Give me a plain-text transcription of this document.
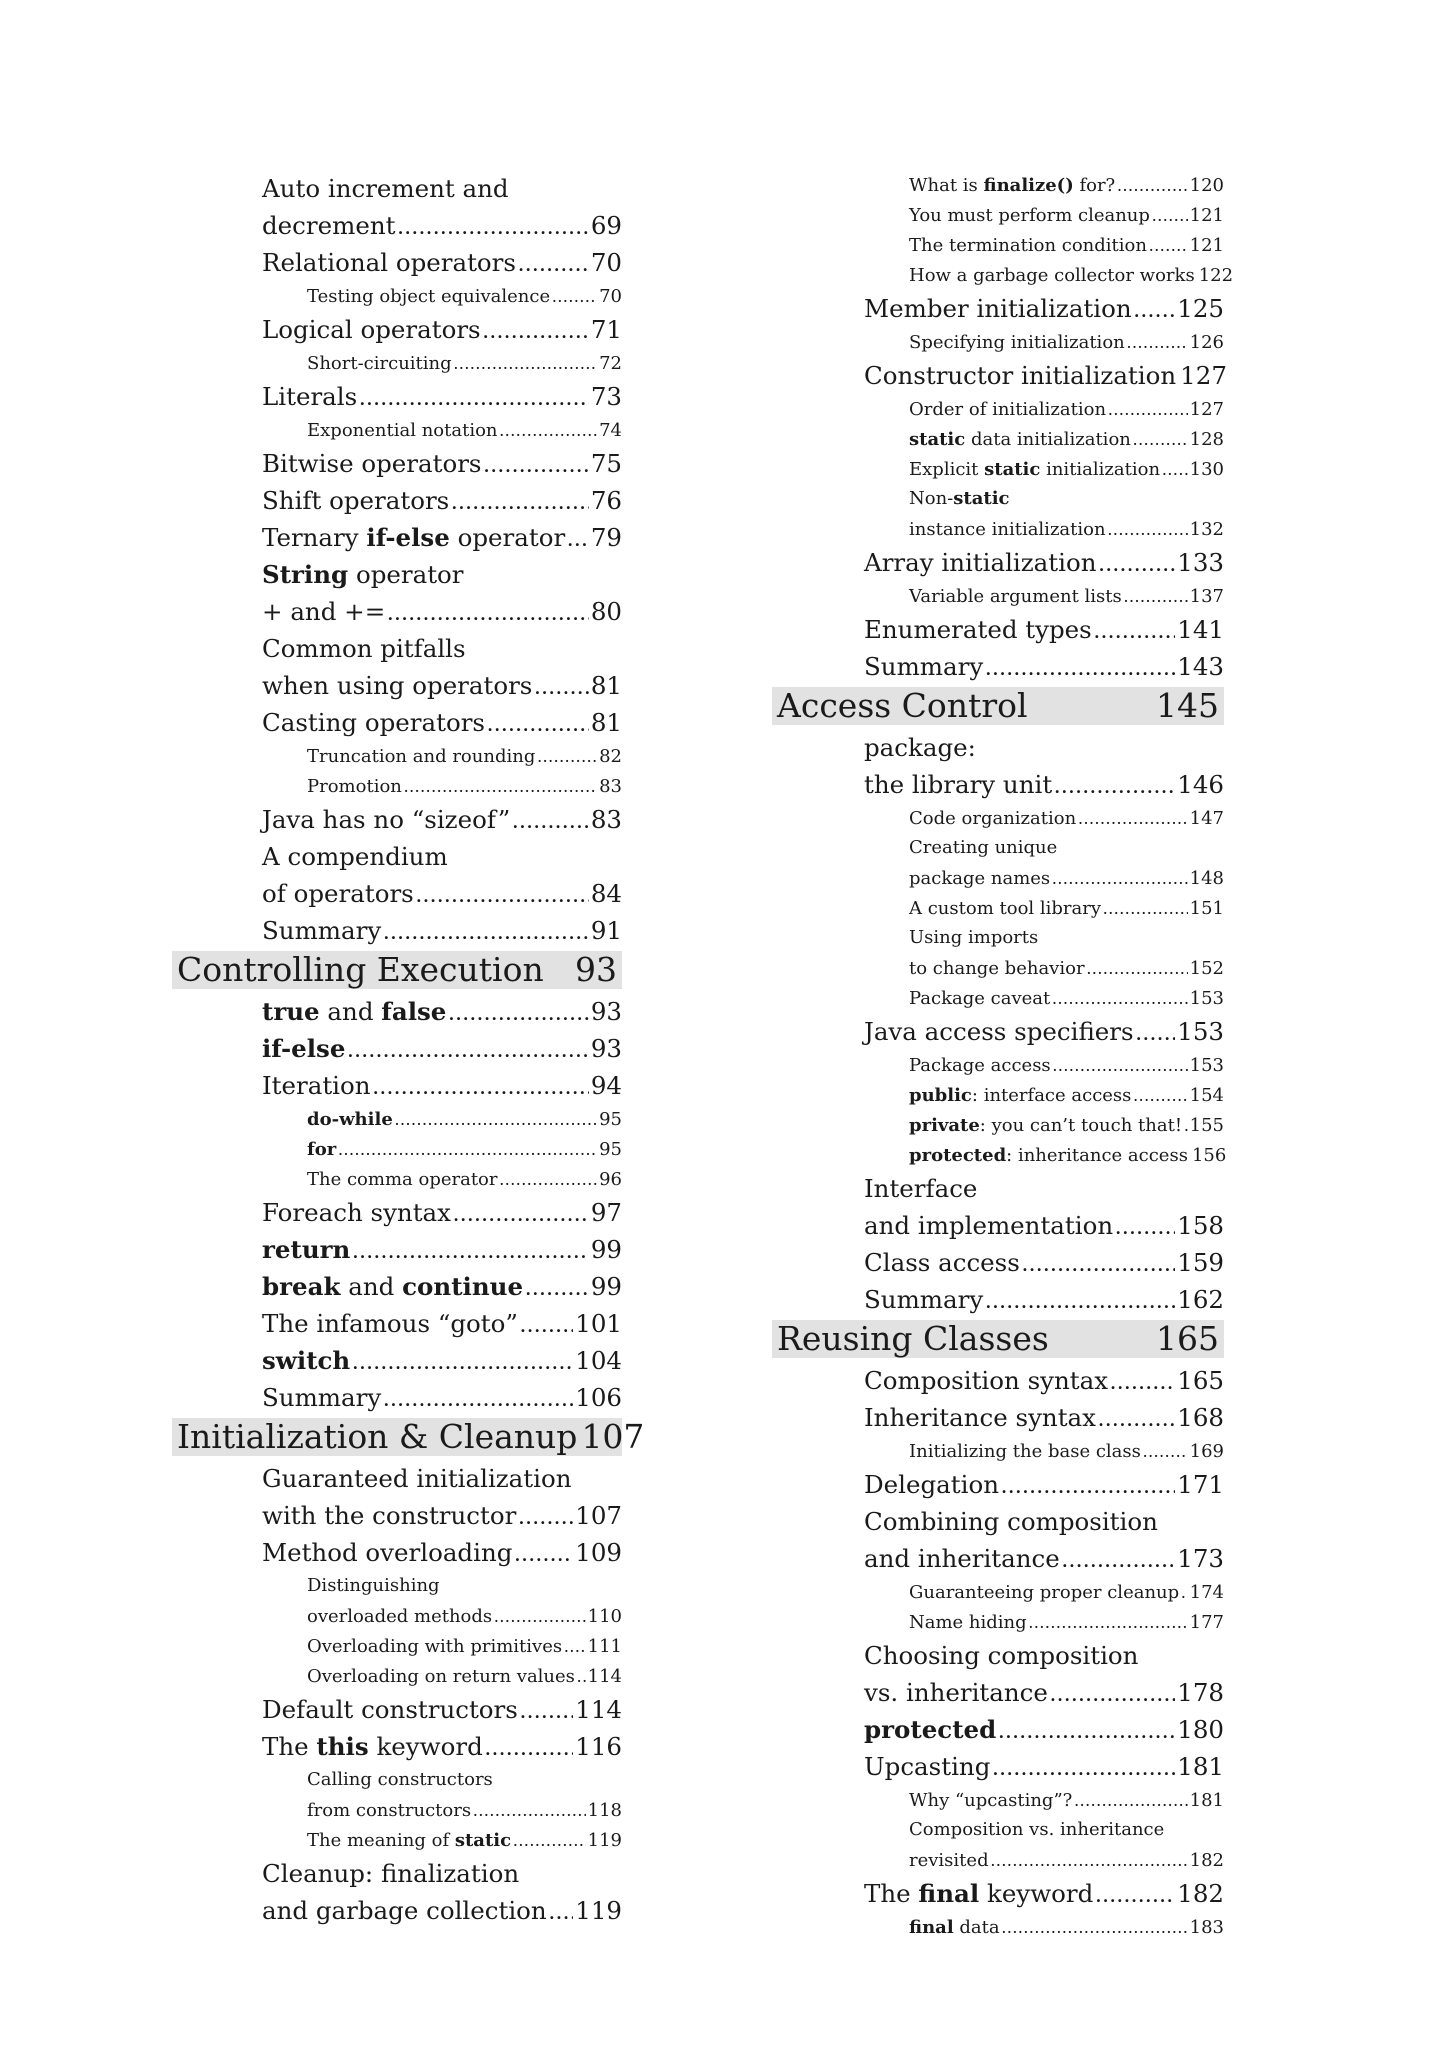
Auto increment and
decrement .....	69
Relational operators .....	70
Testing object equivalence .....	70
Logical operators .....	71
Short-circuiting .....	72
Literals .....	73
Exponential notation .....	74
Bitwise operators .....	75
Shift operators .....	76
Ternary if-else operator ..... 79
String operator
+ and += .....	80
Common pitfalls
when using operators ..... 81
Casting operators .....	81
Truncation and rounding .....	82
Promotion .....	83
Java has no “sizeof” .....	83
A compendium
of operators .....	84
Summary .....	91
Controlling Execution 93
true and false .....	93
if-else .....	93
Iteration .....	94
do-while .....	95
for .....	95
The comma operator .....	96
Foreach syntax .....	97
return .....	99
break and continue .....	99
The infamous “goto” ..... 101
switch .....	104
Summary .....	106
Initialization & Cleanup 107
Guaranteed initialization
with the constructor ..... 107
Method overloading .....	109
Distinguishing
overloaded methods .....	110
Overloading with primitives ..... 111
Overloading on return values ..... 114
Default constructors ..... 114
The this keyword .....	116
Calling constructors
from constructors .....	118
The meaning of static .....	119
Cleanup: finalization
and garbage collection ..... 119
What is finalize() for? .....	120
You must perform cleanup ..... 121
The termination condition ..... 121
How a garbage collector works 122
Member initialization ..... 125
Specifying initialization .....	126
Constructor initialization 127
Order of initialization .....	127
static data initialization .....	128
Explicit static initialization ..... 130
Non-static
instance initialization .....	132
Array initialization .....	133
Variable argument lists .....	137
Enumerated types .....	141
Summary .....	143
Access Control	145
package:
the library unit .....	146
Code organization .....	147
Creating unique
package names .....	148
A custom tool library .....	151
Using imports
to change behavior .....	152
Package caveat .....	153
Java access specifiers ..... 153
Package access .....	153
public: interface access .....	154
private: you can’t touch that! ..... 155
protected: inheritance access 156
Interface
and implementation .....	158
Class access .....	159
Summary .....	162
Reusing Classes	165
Composition syntax .....	165
Inheritance syntax .....	168
Initializing the base class .....	169
Delegation .....	171
Combining composition
and inheritance .....	173
Guaranteeing proper cleanup ..... 174
Name hiding .....	177
Choosing composition
vs. inheritance .....	178
protected .....	180
Upcasting .....	181
Why “upcasting”? .....	181
Composition vs. inheritance
revisited .....	182
The final keyword .....	182
final data .....	183
